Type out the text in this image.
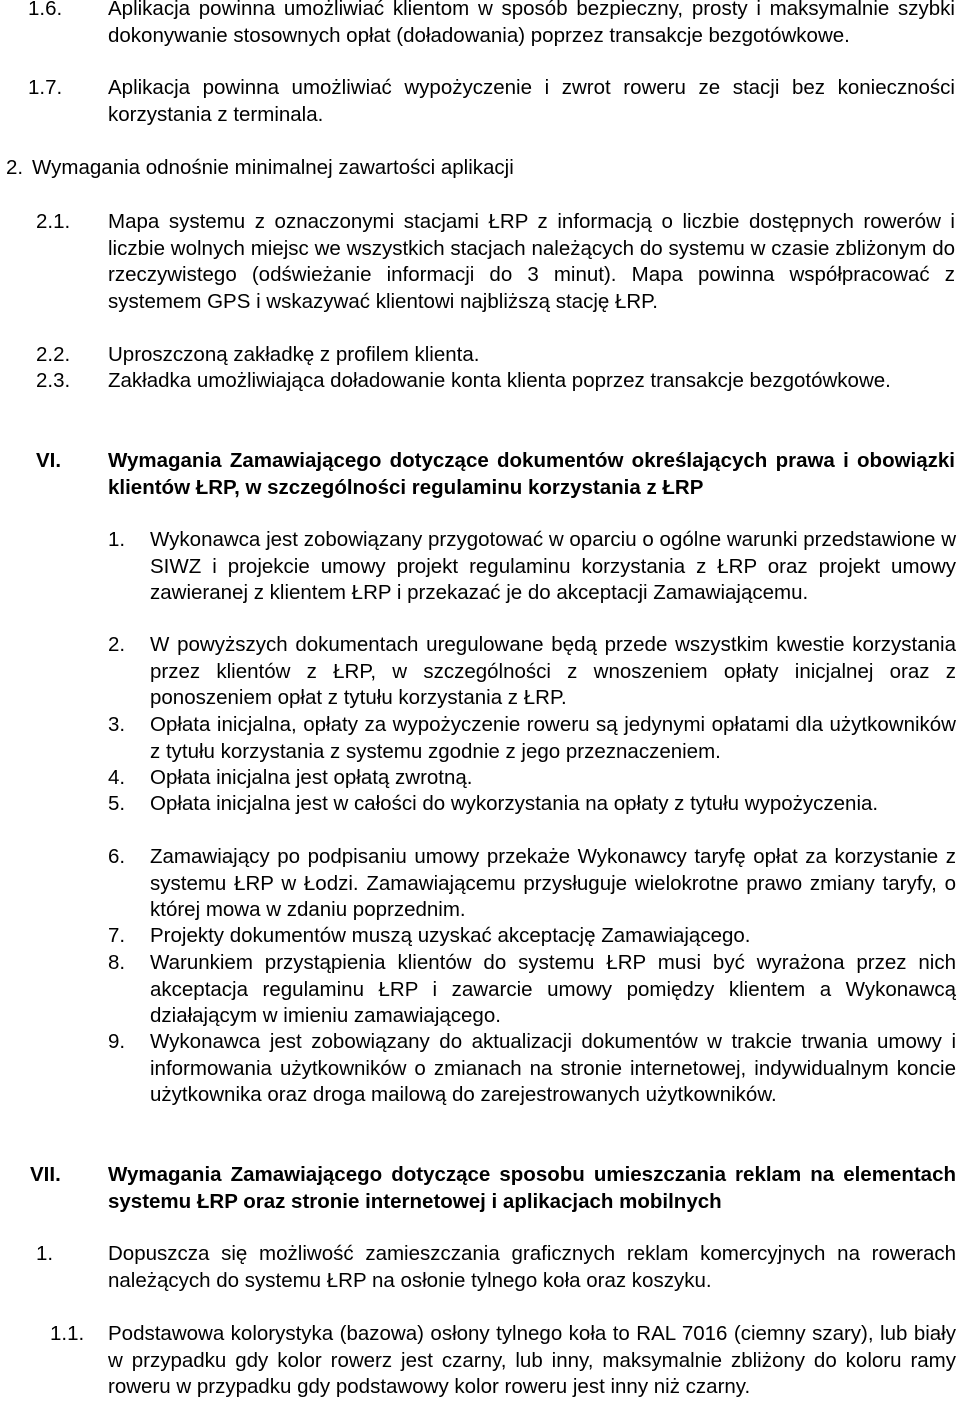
1.6.	Aplikacja powinna umożliwiać klientom w sposób bezpieczny, prosty i maksymalnie szybki dokonywanie stosownych opłat (doładowania) poprzez transakcje bezgotówkowe.
1.7.	Aplikacja powinna umożliwiać wypożyczenie i zwrot roweru ze stacji bez konieczności korzystania z terminala.
2. Wymagania odnośnie minimalnej zawartości aplikacji
2.1.	Mapa systemu z oznaczonymi stacjami ŁRP z informacją o liczbie dostępnych rowerów i liczbie wolnych miejsc we wszystkich stacjach należących do systemu w czasie zbliżonym do rzeczywistego (odświeżanie informacji do 3 minut). Mapa powinna współpracować z systemem GPS i wskazywać klientowi najbliższą stację ŁRP.
2.2.	Uproszczoną zakładkę z profilem klienta.
2.3.	Zakładka umożliwiająca doładowanie konta klienta poprzez transakcje bezgotówkowe.
VI.	Wymagania Zamawiającego dotyczące dokumentów określających prawa i obowiązki klientów ŁRP, w szczególności regulaminu korzystania z ŁRP
1.	Wykonawca jest zobowiązany przygotować w oparciu o ogólne warunki przedstawione w SIWZ i projekcie umowy projekt regulaminu korzystania z ŁRP oraz projekt umowy zawieranej z klientem ŁRP i przekazać je do akceptacji Zamawiającemu.
2.	W powyższych dokumentach uregulowane będą przede wszystkim kwestie korzystania przez klientów z ŁRP, w szczególności z wnoszeniem opłaty inicjalnej oraz z ponoszeniem opłat z tytułu korzystania z ŁRP.
3.	Opłata inicjalna, opłaty za wypożyczenie roweru są jedynymi opłatami dla użytkowników z tytułu korzystania z systemu zgodnie z jego przeznaczeniem.
4.	Opłata inicjalna jest opłatą zwrotną.
5.	Opłata inicjalna jest w całości do wykorzystania na opłaty z tytułu wypożyczenia.
6.	Zamawiający po podpisaniu umowy przekaże Wykonawcy taryfę opłat za korzystanie z systemu ŁRP w Łodzi. Zamawiającemu przysługuje wielokrotne prawo zmiany taryfy, o której mowa w zdaniu poprzednim.
7.	Projekty dokumentów muszą uzyskać akceptację Zamawiającego.
8.	Warunkiem przystąpienia klientów do systemu ŁRP musi być wyrażona przez nich akceptacja regulaminu ŁRP i zawarcie umowy pomiędzy klientem a Wykonawcą działającym w imieniu zamawiającego.
9.	Wykonawca jest zobowiązany do aktualizacji dokumentów w trakcie trwania umowy i informowania użytkowników o zmianach na stronie internetowej, indywidualnym koncie użytkownika oraz droga mailową do zarejestrowanych użytkowników.
VII.	Wymagania Zamawiającego dotyczące sposobu umieszczania reklam na elementach systemu ŁRP oraz stronie internetowej i aplikacjach mobilnych
1.	Dopuszcza się możliwość zamieszczania graficznych reklam komercyjnych na rowerach należących do systemu ŁRP na osłonie tylnego koła oraz koszyku.
1.1.	Podstawowa kolorystyka (bazowa) osłony tylnego koła to RAL 7016 (ciemny szary), lub biały w przypadku gdy kolor rowerz jest czarny, lub inny, maksymalnie zbliżony do koloru ramy roweru w przypadku gdy podstawowy kolor roweru jest inny niż czarny.
